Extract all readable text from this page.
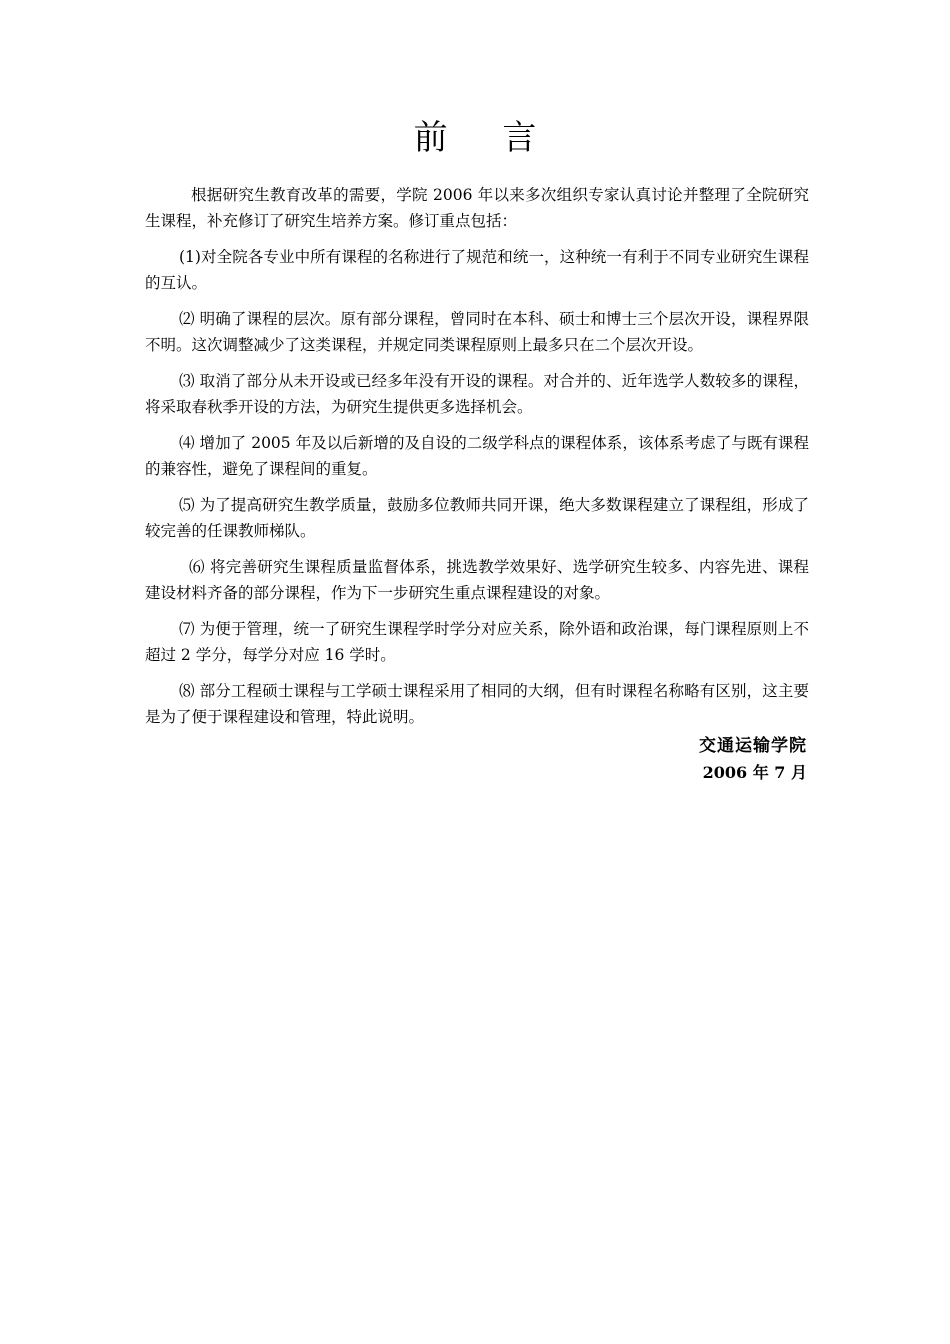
前 言

根据研究生教育改革的需要，学院 2006 年以来多次组织专家认真讨论并整理了全院研究生课程，补充修订了研究生培养方案。修订重点包括：

(1)对全院各专业中所有课程的名称进行了规范和统一，这种统一有利于不同专业研究生课程的互认。

⑵ 明确了课程的层次。原有部分课程，曾同时在本科、硕士和博士三个层次开设，课程界限不明。这次调整减少了这类课程，并规定同类课程原则上最多只在二个层次开设。

⑶ 取消了部分从未开设或已经多年没有开设的课程。对合并的、近年选学人数较多的课程，将采取春秋季开设的方法，为研究生提供更多选择机会。

⑷ 增加了 2005 年及以后新增的及自设的二级学科点的课程体系，该体系考虑了与既有课程的兼容性，避免了课程间的重复。

⑸ 为了提高研究生教学质量，鼓励多位教师共同开课，绝大多数课程建立了课程组，形成了较完善的任课教师梯队。

⑹ 将完善研究生课程质量监督体系，挑选教学效果好、选学研究生较多、内容先进、课程建设材料齐备的部分课程，作为下一步研究生重点课程建设的对象。

⑺ 为便于管理，统一了研究生课程学时学分对应关系，除外语和政治课，每门课程原则上不超过 2 学分，每学分对应 16 学时。

⑻ 部分工程硕士课程与工学硕士课程采用了相同的大纲，但有时课程名称略有区别，这主要是为了便于课程建设和管理，特此说明。

交通运输学院
2006 年 7 月
